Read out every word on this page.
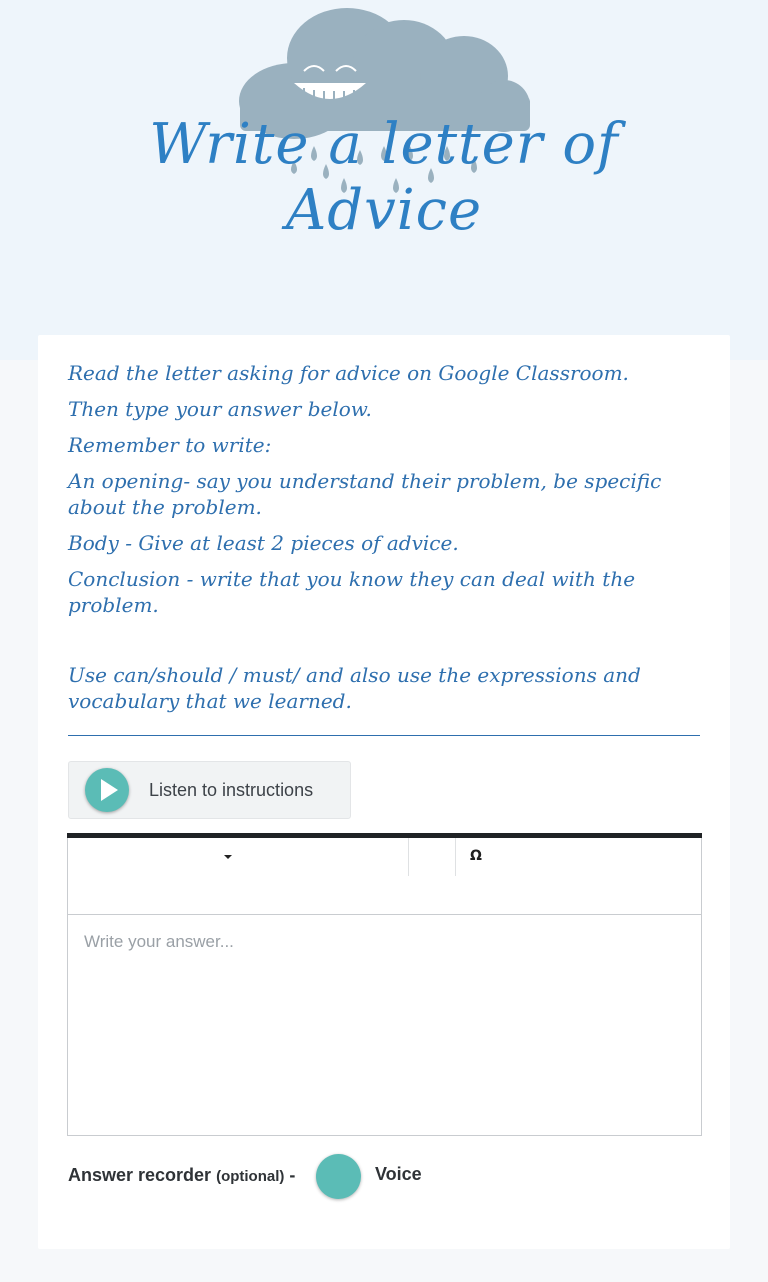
Write a letter of Advice

Read the letter asking for advice on Google Classroom.

Then type your answer below.

Remember to write:

An opening- say you understand their problem, be specific about the problem.

Body - Give at least 2 pieces of advice.

Conclusion - write that you know they can deal with the problem.

Use can/should / must/ and also use the expressions and vocabulary that we learned.

Listen to instructions
Ω
Write your answer...
Answer recorder (optional) -	Voice
